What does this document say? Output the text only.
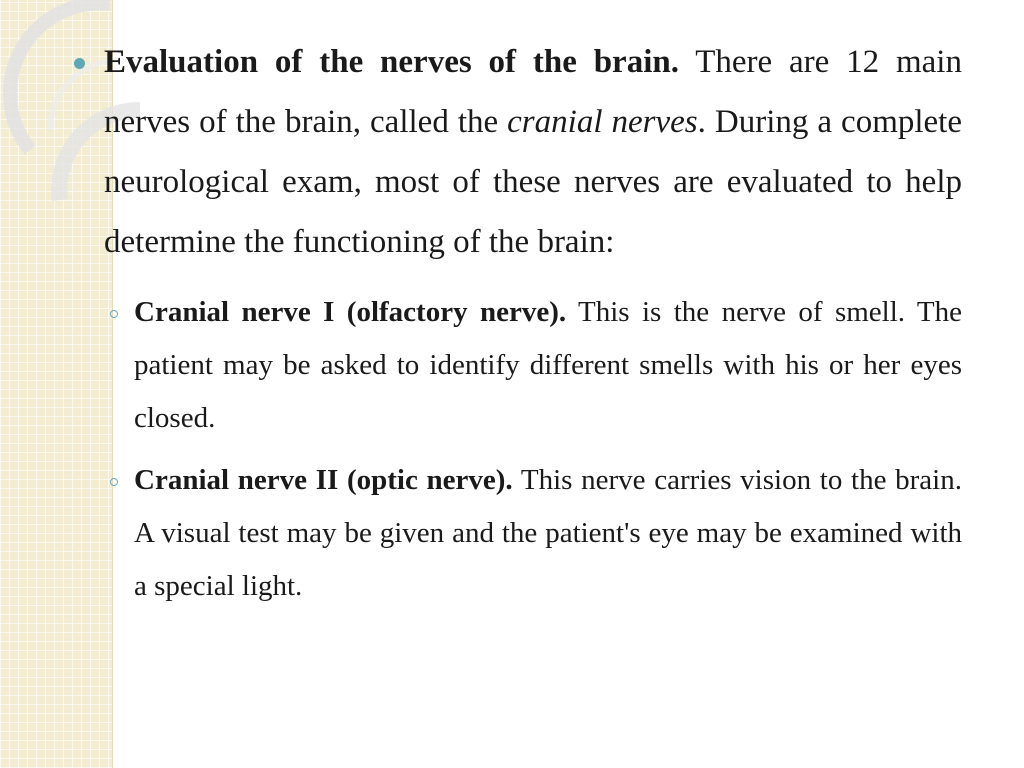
Evaluation of the nerves of the brain. There are 12 main nerves of the brain, called the cranial nerves. During a complete neurological exam, most of these nerves are evaluated to help determine the functioning of the brain:
Cranial nerve I (olfactory nerve). This is the nerve of smell. The patient may be asked to identify different smells with his or her eyes closed.
Cranial nerve II (optic nerve). This nerve carries vision to the brain. A visual test may be given and the patient's eye may be examined with a special light.
